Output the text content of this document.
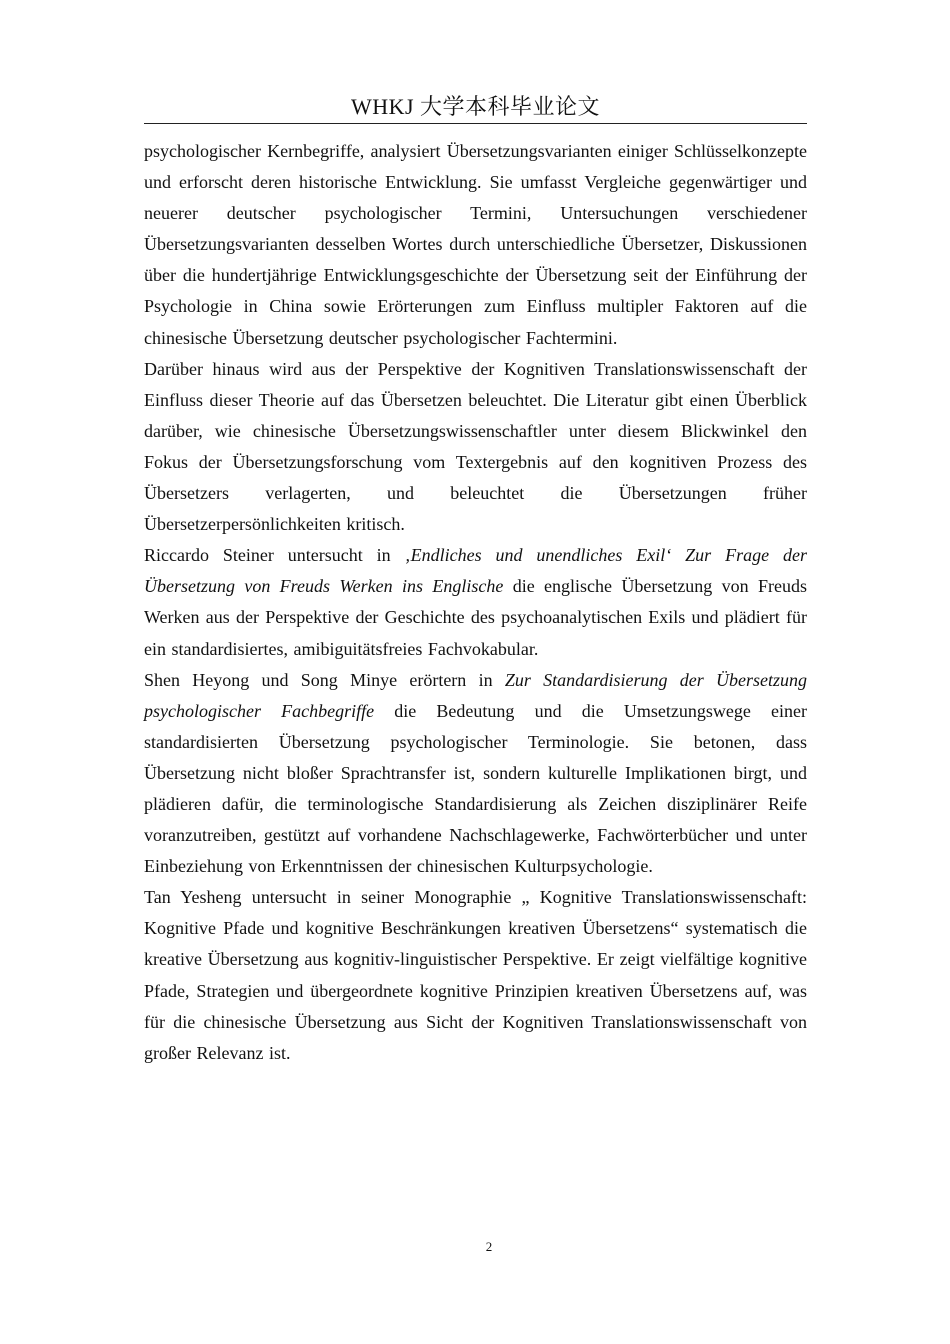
WHKJ 大学本科毕业论文

psychologischer Kernbegriffe, analysiert Übersetzungsvarianten einiger Schlüsselkonzepte und erforscht deren historische Entwicklung. Sie umfasst Vergleiche gegenwärtiger und neuerer deutscher psychologischer Termini, Untersuchungen verschiedener Übersetzungsvarianten desselben Wortes durch unterschiedliche Übersetzer, Diskussionen über die hundertjährige Entwicklungsgeschichte der Übersetzung seit der Einführung der Psychologie in China sowie Erörterungen zum Einfluss multipler Faktoren auf die chinesische Übersetzung deutscher psychologischer Fachtermini.

Darüber hinaus wird aus der Perspektive der Kognitiven Translationswissenschaft der Einfluss dieser Theorie auf das Übersetzen beleuchtet. Die Literatur gibt einen Überblick darüber, wie chinesische Übersetzungswissenschaftler unter diesem Blickwinkel den Fokus der Übersetzungsforschung vom Textergebnis auf den kognitiven Prozess des Übersetzers verlagerten, und beleuchtet die Übersetzungen früher Übersetzerpersönlichkeiten kritisch.

Riccardo Steiner untersucht in ‚Endliches und unendliches Exil‘ Zur Frage der Übersetzung von Freuds Werken ins Englische die englische Übersetzung von Freuds Werken aus der Perspektive der Geschichte des psychoanalytischen Exils und plädiert für ein standardisiertes, amibiguitätsfreies Fachvokabular.

Shen Heyong und Song Minye erörtern in Zur Standardisierung der Übersetzung psychologischer Fachbegriffe die Bedeutung und die Umsetzungswege einer standardisierten Übersetzung psychologischer Terminologie. Sie betonen, dass Übersetzung nicht bloßer Sprachtransfer ist, sondern kulturelle Implikationen birgt, und plädieren dafür, die terminologische Standardisierung als Zeichen disziplinärer Reife voranzutreiben, gestützt auf vorhandene Nachschlagewerke, Fachwörterbücher und unter Einbeziehung von Erkenntnissen der chinesischen Kulturpsychologie.

Tan Yesheng untersucht in seiner Monographie „ Kognitive Translationswissenschaft: Kognitive Pfade und kognitive Beschränkungen kreativen Übersetzens“ systematisch die kreative Übersetzung aus kognitiv-linguistischer Perspektive. Er zeigt vielfältige kognitive Pfade, Strategien und übergeordnete kognitive Prinzipien kreativen Übersetzens auf, was für die chinesische Übersetzung aus Sicht der Kognitiven Translationswissenschaft von großer Relevanz ist.

2
